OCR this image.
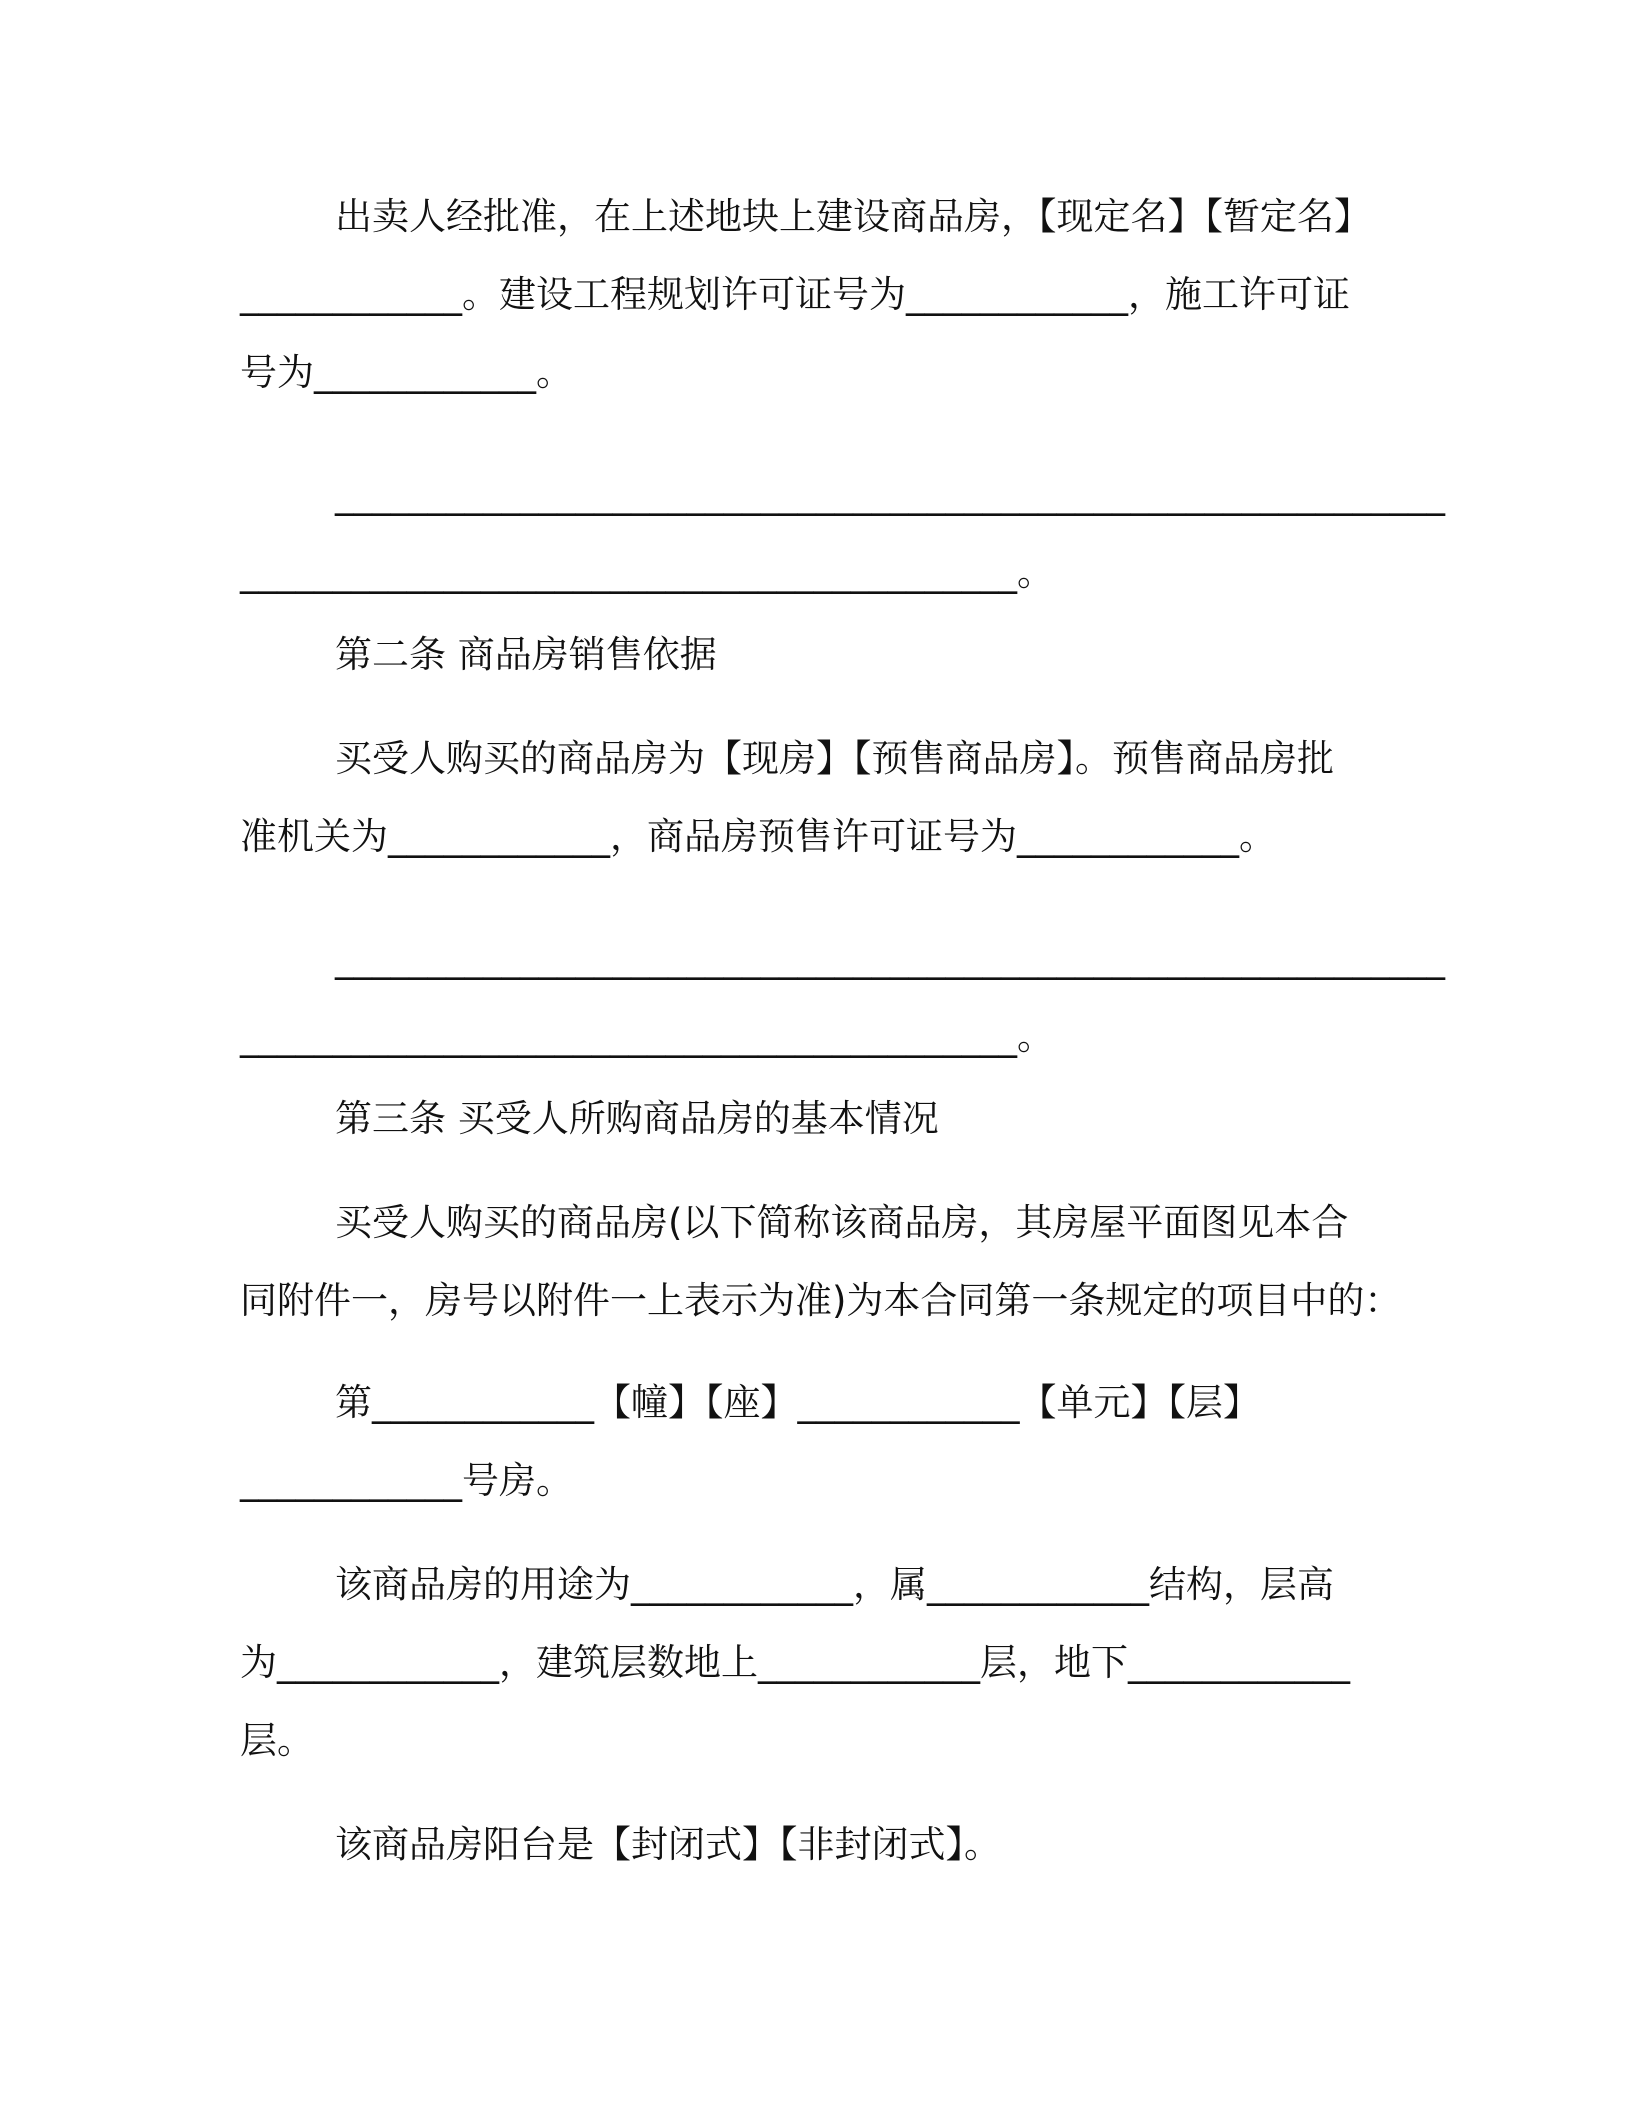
出卖人经批准，在上述地块上建设商品房，【现定名】【暂定名】
____________。建设工程规划许可证号为____________，施工许可证
号为____________。
____________________________________________________________
__________________________________________。
第二条 商品房销售依据
买受人购买的商品房为【现房】【预售商品房】。预售商品房批
准机关为____________，商品房预售许可证号为____________。
____________________________________________________________
__________________________________________。
第三条 买受人所购商品房的基本情况
买受人购买的商品房(以下简称该商品房，其房屋平面图见本合
同附件一，房号以附件一上表示为准)为本合同第一条规定的项目中的：
第____________【幢】【座】____________【单元】【层】
____________号房。
该商品房的用途为____________，属____________结构，层高
为____________，建筑层数地上____________层，地下____________
层。
该商品房阳台是【封闭式】【非封闭式】。
